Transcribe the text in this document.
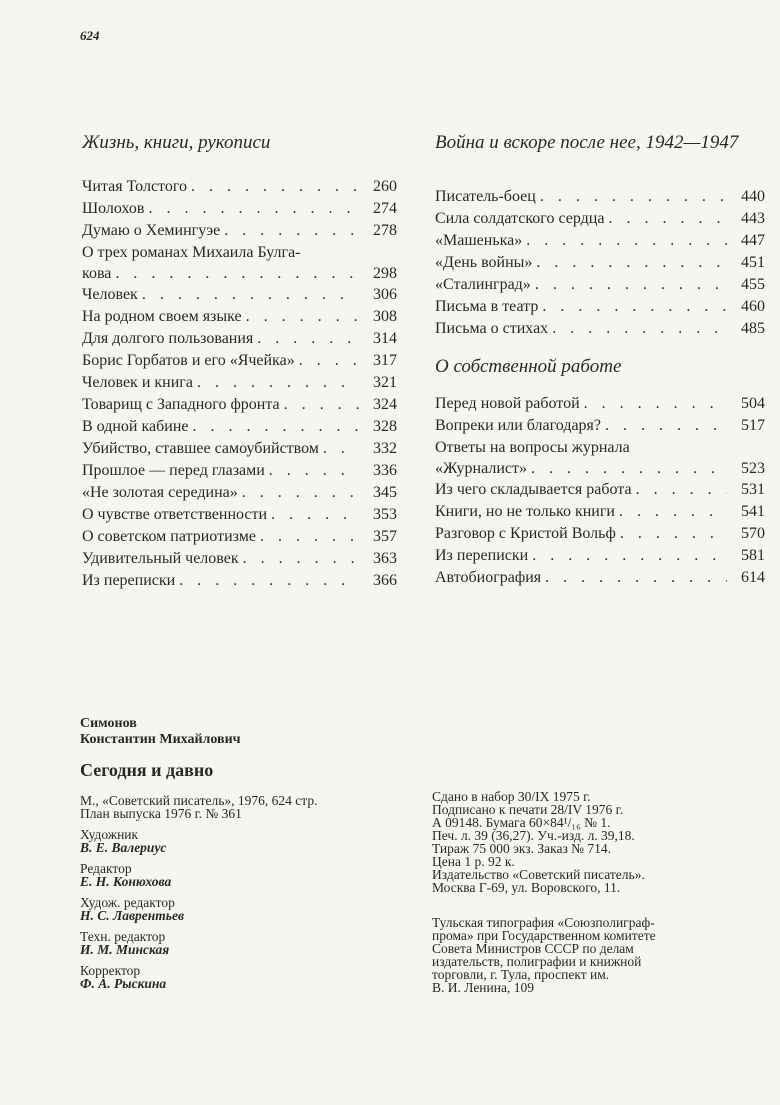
624
Жизнь, книги, рукописи
Читая Толстого . . .	260
Шолохов . . .	274
Думаю о Хемингуэе . . .	278
О трех романах Михаила Булга-
кова . . .	298
Человек . . .	306
На родном своем языке . . .	308
Для долгого пользования . . .	314
Борис Горбатов и его «Ячейка» . . .	317
Человек и книга . . .	321
Товарищ с Западного фронта . . .	324
В одной кабине . . .	328
Убийство, ставшее самоубийством . . .	332
Прошлое — перед глазами . . .	336
«Не золотая середина» . . .	345
О чувстве ответственности . . .	353
О советском патриотизме . . .	357
Удивительный человек . . .	363
Из переписки . . .	366
Война и вскоре после нее, 1942—1947
Писатель-боец . . .	440
Сила солдатского сердца . . .	443
«Машенька» . . .	447
«День войны» . . .	451
«Сталинград» . . .	455
Письма в театр . . .	460
Письма о стихах . . .	485
О собственной работе
Перед новой работой . . .	504
Вопреки или благодаря? . . .	517
Ответы на вопросы журнала
«Журналист» . . .	523
Из чего складывается работа . . .	531
Книги, но не только книги . . .	541
Разговор с Кристой Вольф . . .	570
Из переписки . . .	581
Автобиография . . .	614
Симонов
Константин Михайлович
Сегодня и давно
М., «Советский писатель», 1976, 624 стр.
План выпуска 1976 г. № 361
Художник
В. Е. Валериус
Редактор
Е. Н. Конюхова
Худож. редактор
Н. С. Лаврентьев
Техн. редактор
И. М. Минская
Корректор
Ф. А. Рыскина
Сдано в набор 30/IX 1975 г.
Подписано к печати 28/IV 1976 г.
А 09148. Бумага 60×84¹/₁₆ № 1.
Печ. л. 39 (36,27). Уч.-изд. л. 39,18.
Тираж 75 000 экз. Заказ № 714.
Цена 1 р. 92 к.
Издательство «Советский писатель».
Москва Г-69, ул. Воровского, 11.
Тульская типография «Союзполиграф-
прома» при Государственном комитете
Совета Министров СССР по делам
издательств, полиграфии и книжной
торговли, г. Тула, проспект им.
В. И. Ленина, 109
